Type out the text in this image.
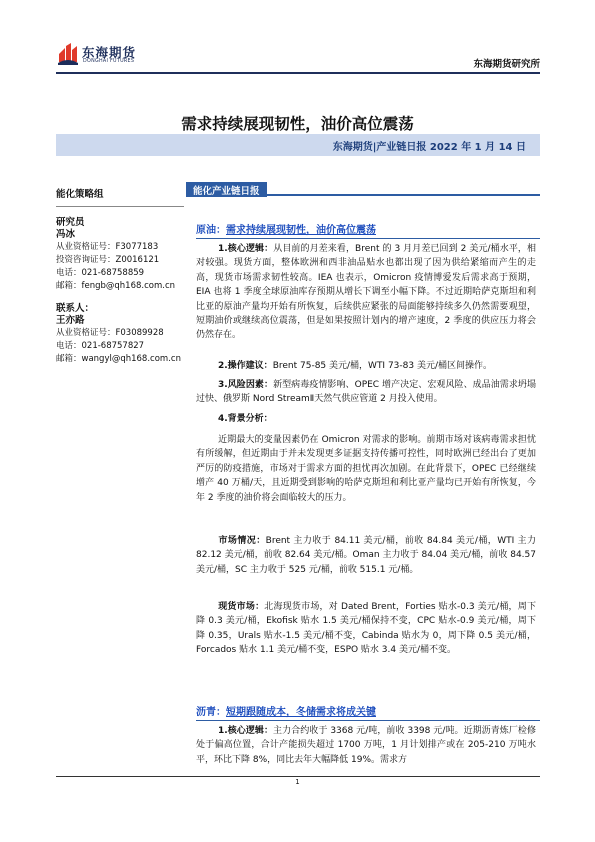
东海期货
DONGHAI FUTURES	东海期货研究所
需求持续展现韧性，油价高位震荡
东海期货|产业链日报 2022 年 1 月 14 日
能化策略组
研究员
冯冰
从业资格证号：F3077183
投资咨询证号：Z0016121
电话：021-68758859
邮箱：fengb@qh168.com.cn
联系人：
王亦路
从业资格证号：F03089928
电话：021-68757827
邮箱：wangyl@qh168.com.cn
能化产业链日报
原油：需求持续展现韧性，油价高位震荡
1.核心逻辑：从目前的月差来看，Brent 的 3 月月差已回到 2 美元/桶水平，相对较强。现货方面，整体欧洲和西非油品贴水也都出现了因为供给紧缩而产生的走高，现货市场需求韧性较高。IEA 也表示，Omicron 疫情博爱发后需求高于预期，EIA 也将 1 季度全球原油库存预期从增长下调至小幅下降。不过近期哈萨克斯坦和利比亚的原油产量均开始有所恢复，后续供应紧张的局面能够持续多久仍然需要观望，短期油价或继续高位震荡，但是如果按照计划内的增产速度，2 季度的供应压力将会仍然存在。
2.操作建议：Brent 75-85 美元/桶，WTI 73-83 美元/桶区间操作。
3.风险因素：新型病毒疫情影响、OPEC 增产决定、宏观风险、成品油需求坍塌过快、俄罗斯 Nord StreamⅡ天然气供应管道 2 月投入使用。
4.背景分析：
近期最大的变量因素仍在 Omicron 对需求的影响。前期市场对该病毒需求担忧有所缓解，但近期由于并未发现更多证据支持传播可控性，同时欧洲已经出台了更加严厉的防疫措施，市场对于需求方面的担忧再次加剧。在此背景下，OPEC 已经继续增产 40 万桶/天，且近期受到影响的哈萨克斯坦和利比亚产量均已开始有所恢复，今年 2 季度的油价将会面临较大的压力。
市场情况：Brent 主力收于 84.11 美元/桶，前收 84.84 美元/桶，WTI 主力 82.12 美元/桶，前收 82.64 美元/桶。Oman 主力收于 84.04 美元/桶，前收 84.57 美元/桶，SC 主力收于 525 元/桶，前收 515.1 元/桶。
现货市场：北海现货市场，对 Dated Brent，Forties 贴水-0.3 美元/桶，周下降 0.3 美元/桶，Ekofisk 贴水 1.5 美元/桶保持不变，CPC 贴水-0.9 美元/桶，周下降 0.35，Urals 贴水-1.5 美元/桶不变，Cabinda 贴水为 0，周下降 0.5 美元/桶，Forcados 贴水 1.1 美元/桶不变，ESPO 贴水 3.4 美元/桶不变。
沥青：短期跟随成本，冬储需求将成关键
1.核心逻辑：主力合约收于 3368 元/吨，前收 3398 元/吨。近期沥青炼厂检修处于偏高位置，合计产能损失超过 1700 万吨，1 月计划排产或在 205-210 万吨水平，环比下降 8%，同比去年大幅降低 19%。需求方
1
